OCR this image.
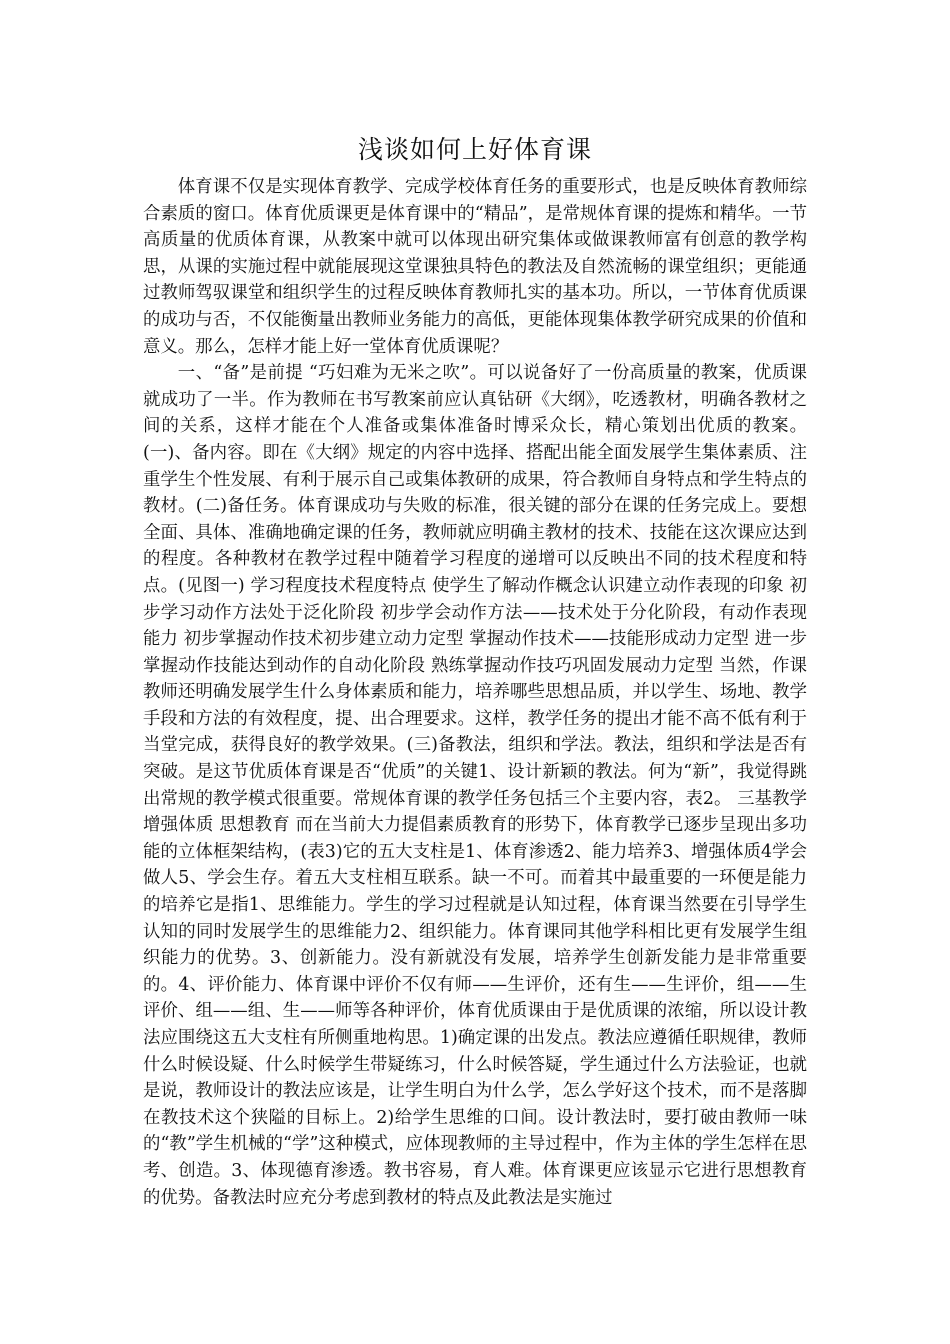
浅谈如何上好体育课

体育课不仅是实现体育教学、完成学校体育任务的重要形式，也是反映体育教师综合素质的窗口。体育优质课更是体育课中的“精品”，是常规体育课的提炼和精华。一节高质量的优质体育课，从教案中就可以体现出研究集体或做课教师富有创意的教学构思，从课的实施过程中就能展现这堂课独具特色的教法及自然流畅的课堂组织；更能通过教师驾驭课堂和组织学生的过程反映体育教师扎实的基本功。所以，一节体育优质课的成功与否，不仅能衡量出教师业务能力的高低，更能体现集体教学研究成果的价值和意义。那么，怎样才能上好一堂体育优质课呢？

一、“备”是前提 “巧妇难为无米之吹”。可以说备好了一份高质量的教案，优质课就成功了一半。作为教师在书写教案前应认真钻研《大纲》，吃透教材，明确各教材之间的关系，这样才能在个人准备或集体准备时博采众长，精心策划出优质的教案。(一)、备内容。即在《大纲》规定的内容中选择、搭配出能全面发展学生集体素质、注重学生个性发展、有利于展示自己或集体教研的成果，符合教师自身特点和学生特点的教材。(二)备任务。体育课成功与失败的标准，很关键的部分在课的任务完成上。要想全面、具体、准确地确定课的任务，教师就应明确主教材的技术、技能在这次课应达到的程度。各种教材在教学过程中随着学习程度的递增可以反映出不同的技术程度和特点。(见图一) 学习程度技术程度特点 使学生了解动作概念认识建立动作表现的印象 初步学习动作方法处于泛化阶段 初步学会动作方法——技术处于分化阶段，有动作表现能力 初步掌握动作技术初步建立动力定型 掌握动作技术——技能形成动力定型 进一步掌握动作技能达到动作的自动化阶段 熟练掌握动作技巧巩固发展动力定型 当然，作课教师还明确发展学生什么身体素质和能力，培养哪些思想品质，并以学生、场地、教学手段和方法的有效程度，提、出合理要求。这样，教学任务的提出才能不高不低有利于当堂完成，获得良好的教学效果。(三)备教法，组织和学法。教法，组织和学法是否有突破。是这节优质体育课是否“优质”的关键1、设计新颖的教法。何为“新”，我觉得跳出常规的教学模式很重要。常规体育课的教学任务包括三个主要内容，表2。 三基教学增强体质 思想教育 而在当前大力提倡素质教育的形势下，体育教学已逐步呈现出多功能的立体框架结构，(表3)它的五大支柱是1、体育渗透2、能力培养3、增强体质4学会做人5、学会生存。着五大支柱相互联系。缺一不可。而着其中最重要的一环便是能力的培养它是指1、思维能力。学生的学习过程就是认知过程，体育课当然要在引导学生认知的同时发展学生的思维能力2、组织能力。体育课同其他学科相比更有发展学生组织能力的优势。3、创新能力。没有新就没有发展，培养学生创新发能力是非常重要的。4、评价能力、体育课中评价不仅有师——生评价，还有生——生评价，组——生评价、组——组、生——师等各种评价，体育优质课由于是优质课的浓缩，所以设计教法应围绕这五大支柱有所侧重地构思。1)确定课的出发点。教法应遵循任职规律，教师什么时候设疑、什么时候学生带疑练习，什么时候答疑，学生通过什么方法验证，也就是说，教师设计的教法应该是，让学生明白为什么学，怎么学好这个技术，而不是落脚在教技术这个狭隘的目标上。2)给学生思维的口间。设计教法时，要打破由教师一味的“教”学生机械的“学”这种模式，应体现教师的主导过程中，作为主体的学生怎样在思考、创造。3、体现德育渗透。教书容易，育人难。体育课更应该显示它进行思想教育的优势。备教法时应充分考虑到教材的特点及此教法是实施过
